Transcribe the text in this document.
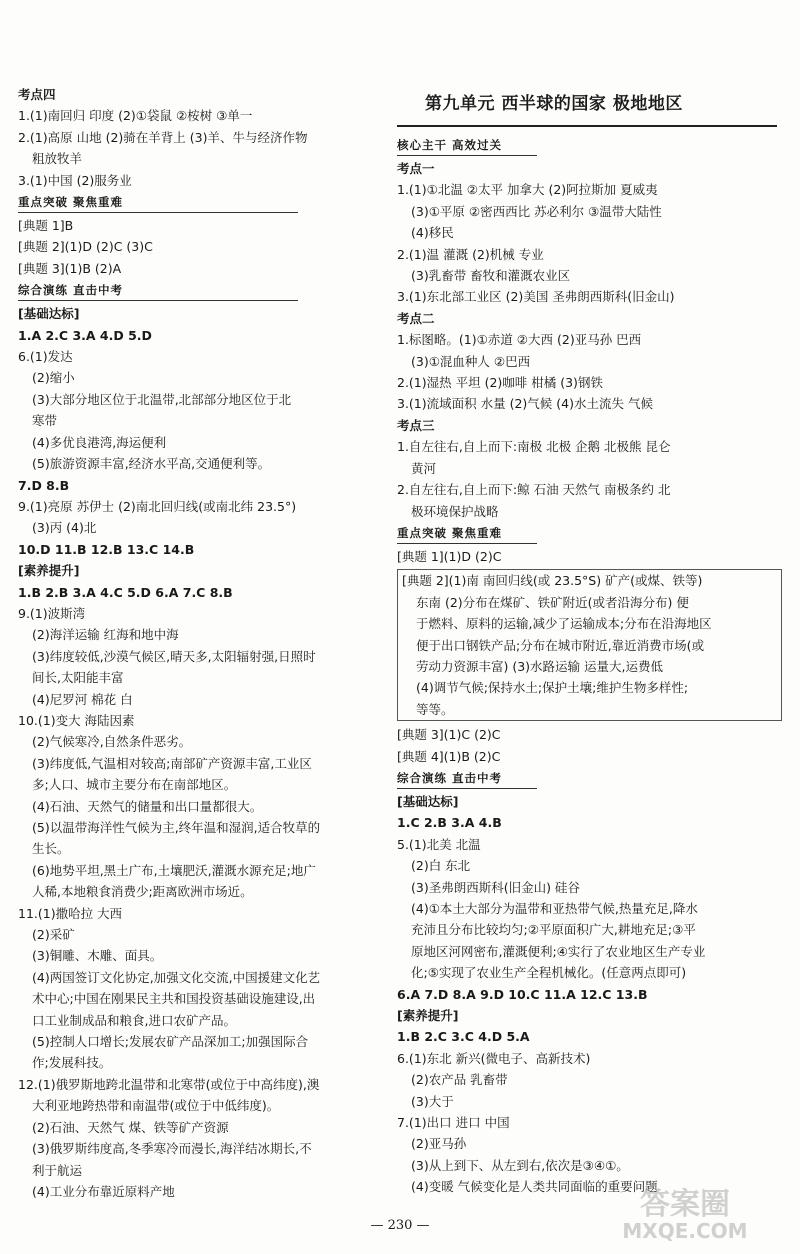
考点四
1.(1)南回归 印度 (2)①袋鼠 ②桉树 ③单一
2.(1)高原 山地 (2)骑在羊背上 (3)羊、牛与经济作物
粗放牧羊
3.(1)中国 (2)服务业
重点突破 聚焦重难
[典题 1]B
[典题 2](1)D (2)C (3)C
[典题 3](1)B (2)A
综合演练 直击中考
[基础达标]
1.A 2.C 3.A 4.D 5.D
6.(1)发达
(2)缩小
(3)大部分地区位于北温带,北部部分地区位于北
寒带
(4)多优良港湾,海运便利
(5)旅游资源丰富,经济水平高,交通便利等。
7.D 8.B
9.(1)亮原 苏伊士 (2)南北回归线(或南北纬 23.5°)
(3)丙 (4)北
10.D 11.B 12.B 13.C 14.B
[素养提升]
1.B 2.B 3.A 4.C 5.D 6.A 7.C 8.B
9.(1)波斯湾
(2)海洋运输 红海和地中海
(3)纬度较低,沙漠气候区,晴天多,太阳辐射强,日照时
间长,太阳能丰富
(4)尼罗河 棉花 白
10.(1)变大 海陆因素
(2)气候寒冷,自然条件恶劣。
(3)纬度低,气温相对较高;南部矿产资源丰富,工业区
多;人口、城市主要分布在南部地区。
(4)石油、天然气的储量和出口量都很大。
(5)以温带海洋性气候为主,终年温和湿润,适合牧草的
生长。
(6)地势平坦,黑土广布,土壤肥沃,灌溉水源充足;地广
人稀,本地粮食消费少;距离欧洲市场近。
11.(1)撒哈拉 大西
(2)采矿
(3)铜雕、木雕、面具。
(4)两国签订文化协定,加强文化交流,中国援建文化艺
术中心;中国在刚果民主共和国投资基础设施建设,出
口工业制成品和粮食,进口农矿产品。
(5)控制人口增长;发展农矿产品深加工;加强国际合
作;发展科技。
12.(1)俄罗斯地跨北温带和北寒带(或位于中高纬度),澳
大利亚地跨热带和南温带(或位于中低纬度)。
(2)石油、天然气 煤、铁等矿产资源
(3)俄罗斯纬度高,冬季寒冷而漫长,海洋结冰期长,不
利于航运
(4)工业分布靠近原料产地
第九单元 西半球的国家 极地地区
核心主干 高效过关
考点一
1.(1)①北温 ②太平 加拿大 (2)阿拉斯加 夏威夷
(3)①平原 ②密西西比 苏必利尔 ③温带大陆性
(4)移民
2.(1)温 灌溉 (2)机械 专业
(3)乳畜带 畜牧和灌溉农业区
3.(1)东北部工业区 (2)美国 圣弗朗西斯科(旧金山)
考点二
1.标图略。(1)①赤道 ②大西 (2)亚马孙 巴西
(3)①混血种人 ②巴西
2.(1)湿热 平坦 (2)咖啡 柑橘 (3)钢铁
3.(1)流域面积 水量 (2)气候 (4)水土流失 气候
考点三
1.自左往右,自上而下:南极 北极 企鹅 北极熊 昆仑
黄河
2.自左往右,自上而下:鲸 石油 天然气 南极条约 北
极环境保护战略
重点突破 聚焦重难
[典题 1](1)D (2)C
[典题 2](1)南 南回归线(或 23.5°S) 矿产(或煤、铁等)
东南 (2)分布在煤矿、铁矿附近(或者沿海分布) 便
于燃料、原料的运输,减少了运输成本;分布在沿海地区
便于出口钢铁产品;分布在城市附近,靠近消费市场(或
劳动力资源丰富) (3)水路运输 运量大,运费低
(4)调节气候;保持水土;保护土壤;维护生物多样性;
等等。
[典题 3](1)C (2)C
[典题 4](1)B (2)C
综合演练 直击中考
[基础达标]
1.C 2.B 3.A 4.B
5.(1)北美 北温
(2)白 东北
(3)圣弗朗西斯科(旧金山) 硅谷
(4)①本土大部分为温带和亚热带气候,热量充足,降水
充沛且分布比较均匀;②平原面积广大,耕地充足;③平
原地区河网密布,灌溉便利;④实行了农业地区生产专业
化;⑤实现了农业生产全程机械化。(任意两点即可)
6.A 7.D 8.A 9.D 10.C 11.A 12.C 13.B
[素养提升]
1.B 2.C 3.C 4.D 5.A
6.(1)东北 新兴(微电子、高新技术)
(2)农产品 乳畜带
(3)大于
7.(1)出口 进口 中国
(2)亚马孙
(3)从上到下、从左到右,依次是③④①。
(4)变暖 气候变化是人类共同面临的重要问题
— 230 —
答案圈
MXQE.COM
